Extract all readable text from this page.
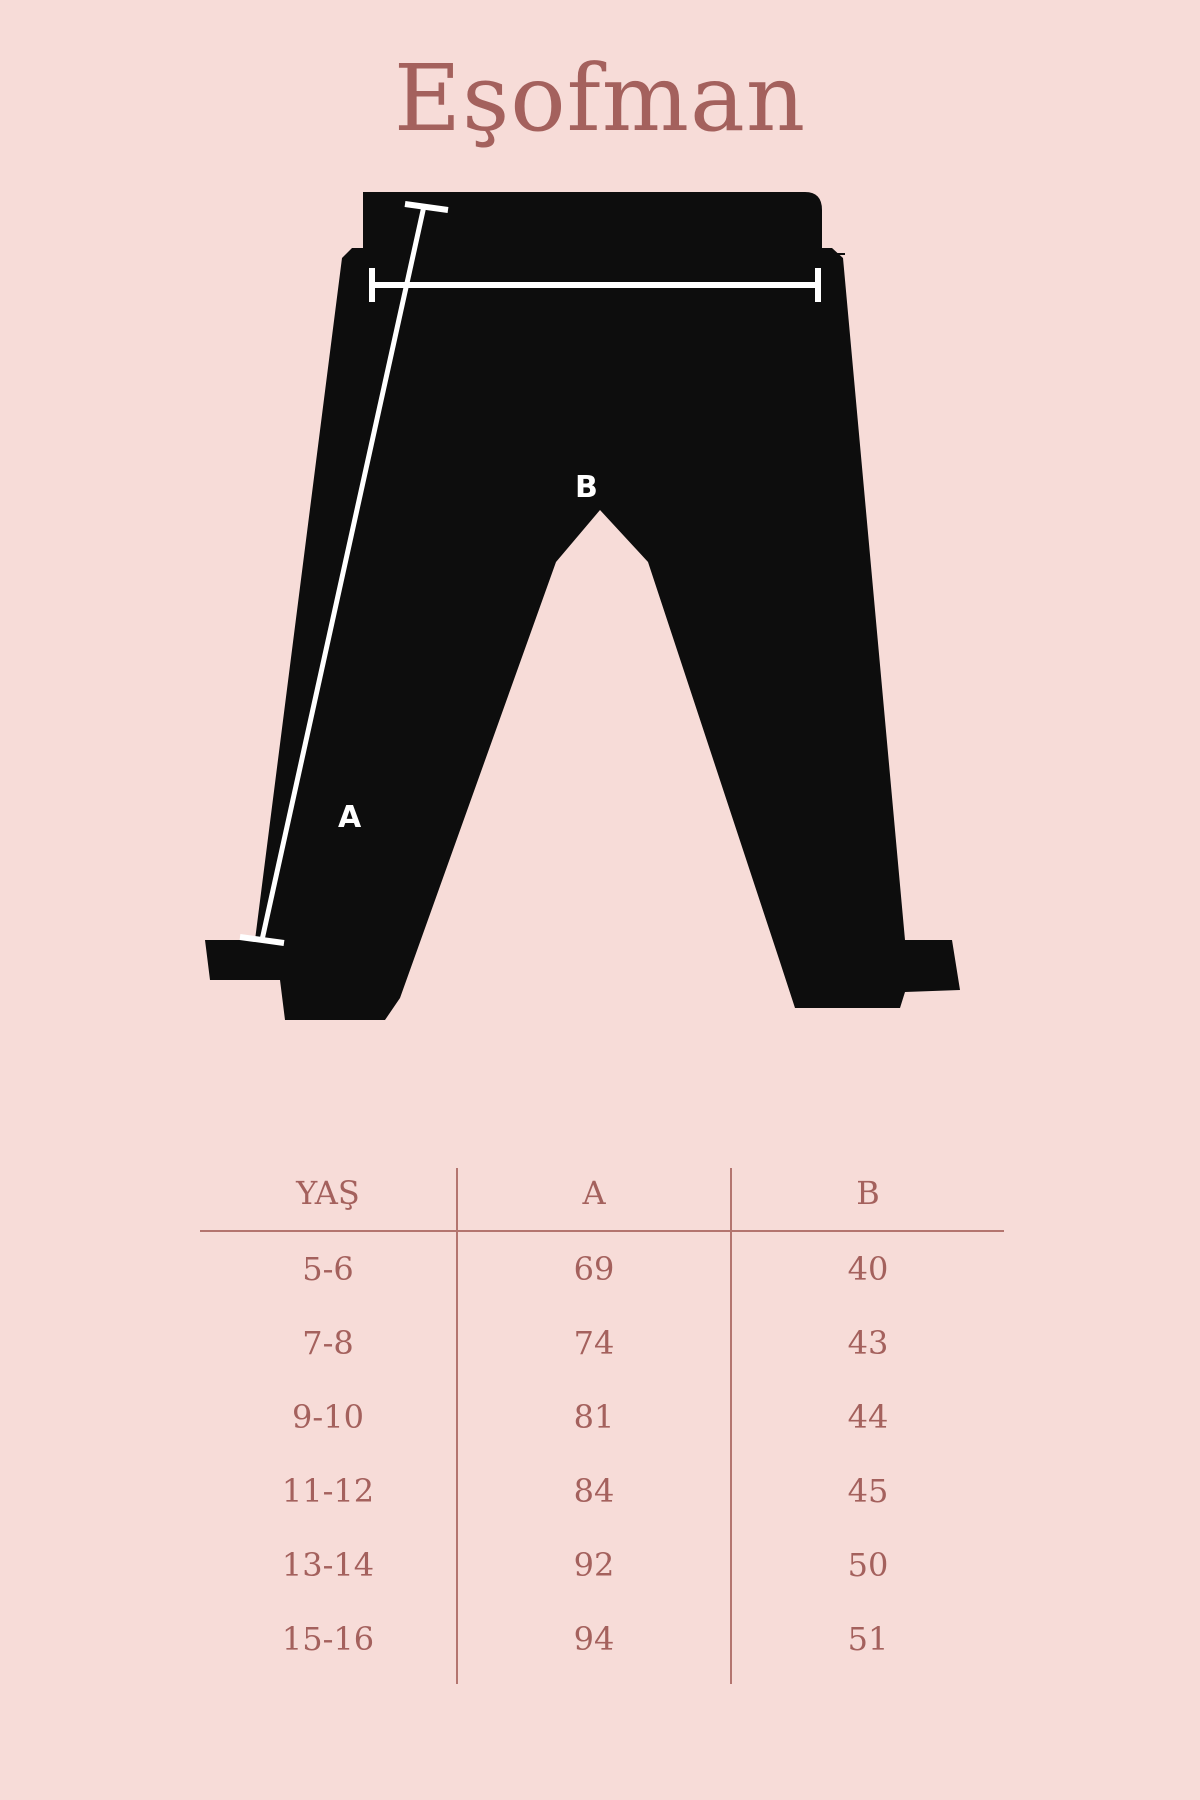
Eşofman
A
B
YAŞ	A	B
5-6	69	40
7-8	74	43
9-10	81	44
11-12	84	45
13-14	92	50
15-16	94	51
